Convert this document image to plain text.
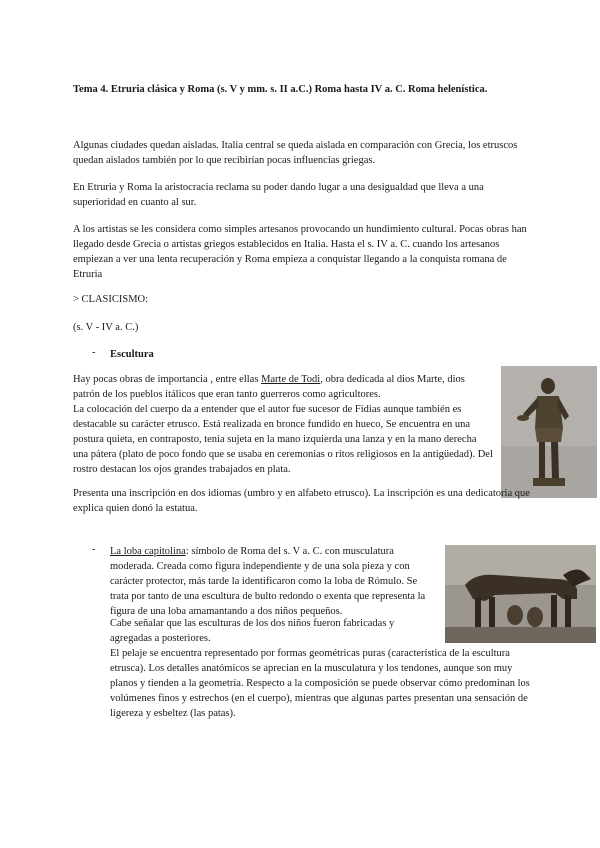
Tema 4. Etruria clásica y Roma (s. V y mm. s. II a.C.) Roma hasta IV a. C. Roma helenística.

Algunas ciudades quedan aisladas. Italia central se queda aislada en comparación con Grecia, los etruscos quedan aislados también por lo que recibirían pocas influencias griegas.

En Etruria y Roma la aristocracia reclama su poder dando lugar a una desigualdad que lleva a una superioridad en cuanto al sur.

A los artistas se les considera como simples artesanos provocando un hundimiento cultural. Pocas obras han llegado desde Grecia o artistas griegos establecidos en Italia. Hasta el s. IV a. C. cuando los artesanos empiezan a ver una lenta recuperación y Roma empieza a conquistar llegando a la conquista romana de Etruria

> CLASICISMO:

(s. V - IV a. C.)

- Escultura

Hay pocas obras de importancia , entre ellas Marte de Todi, obra dedicada al dios Marte, dios patrón de los pueblos itálicos que eran tanto guerreros como agricultores.

La colocación del cuerpo da a entender que el autor fue sucesor de Fidias aunque también es destacable su carácter etrusco. Está realizada en bronce fundido en hueco, Se encuentra en una postura quieta, en contraposto, tenía sujeta en la mano izquierda una lanza y en la mano derecha una pátera (plato de poco fondo que se usaba en ceremonias o ritos religiosos en la antigüedad). Del rostro destacan los ojos grandes trabajados en plata.

Presenta una inscripción en dos idiomas (umbro y en alfabeto etrusco). La inscripción es una dedicatoria que explica quien donó la estatua.

- La loba capitolina: símbolo de Roma del s. V a. C. con musculatura moderada. Creada como figura independiente y de una sola pieza y con carácter protector, más tarde la identificaron como la loba de Rómulo. Se trata por tanto de una escultura de bulto redondo o exenta que representa la figura de una loba amamantando a dos niños pequeños.

Cabe señalar que las esculturas de los dos niños fueron fabricadas y agregadas a posteriores.

El pelaje se encuentra representado por formas geométricas puras (característica de la escultura etrusca). Los detalles anatómicos se aprecian en la musculatura y los tendones, aunque son muy planos y tienden a la geometría. Respecto a la composición se puede observar cómo predominan los volúmenes finos y estrechos (en el cuerpo), mientras que algunas partes presentan una sensación de ligereza y esbeltez (las patas).
